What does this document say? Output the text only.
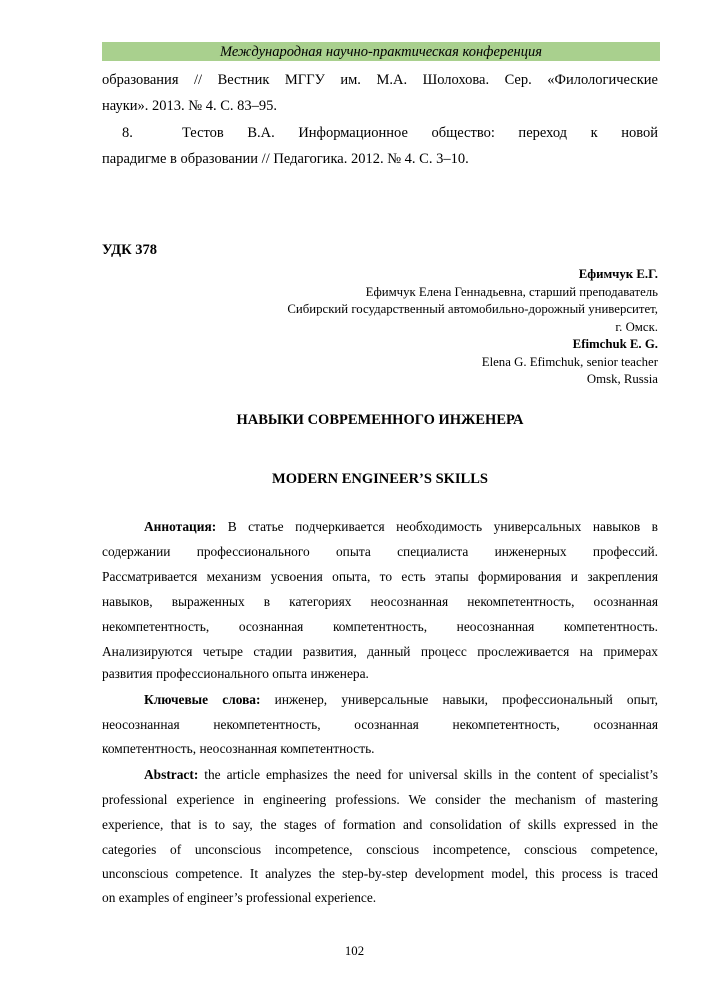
Международная научно-практическая конференция
образования // Вестник МГГУ им. М.А. Шолохова. Сер. «Филологические
науки». 2013. № 4. С. 83–95.
8.	Тестов В.А. Информационное общество: переход к новой
парадигме в образовании // Педагогика. 2012. № 4. С. 3–10.
УДК 378
Ефимчук Е.Г.
Ефимчук Елена Геннадьевна, старший преподаватель
Сибирский государственный автомобильно-дорожный университет,
г. Омск.
Efimchuk E. G.
Elena G. Efimchuk, senior teacher
Omsk, Russia
НАВЫКИ СОВРЕМЕННОГО ИНЖЕНЕРА
MODERN ENGINEER’S SKILLS
Аннотация: В статье подчеркивается необходимость универсальных навыков в
содержании профессионального опыта специалиста инженерных профессий.
Рассматривается механизм усвоения опыта, то есть этапы формирования и закрепления
навыков, выраженных в категориях неосознанная некомпетентность, осознанная
некомпетентность, осознанная компетентность, неосознанная компетентность.
Анализируются четыре стадии развития, данный процесс прослеживается на примерах
развития профессионального опыта инженера.
Ключевые слова: инженер, универсальные навыки, профессиональный опыт,
неосознанная некомпетентность, осознанная некомпетентность, осознанная
компетентность, неосознанная компетентность.
Abstract: the article emphasizes the need for universal skills in the content of specialist’s
professional experience in engineering professions. We consider the mechanism of mastering
experience, that is to say, the stages of formation and consolidation of skills expressed in the
categories of unconscious incompetence, conscious incompetence, conscious competence,
unconscious competence. It analyzes the step-by-step development model, this process is traced
on examples of engineer’s professional experience.
102
